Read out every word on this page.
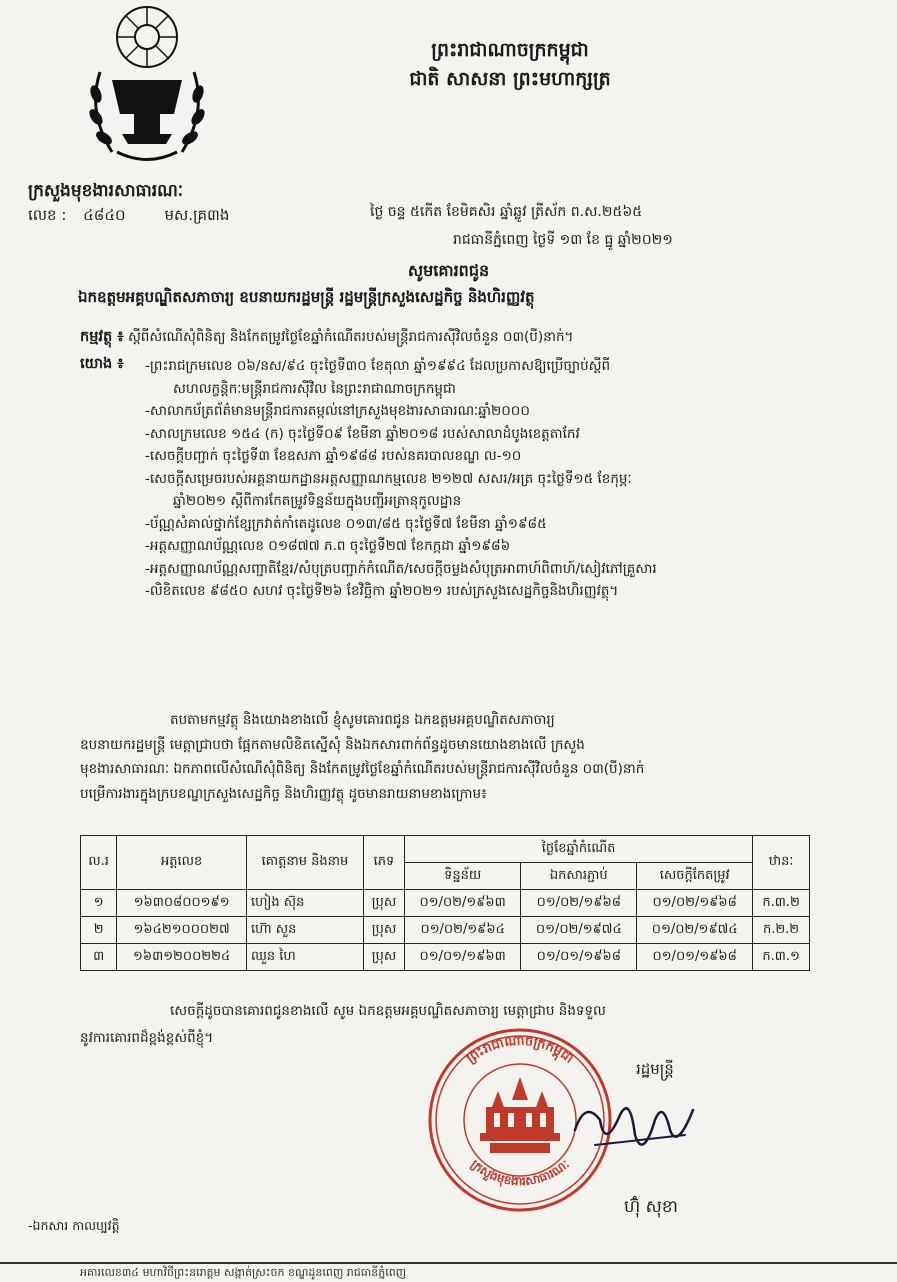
ព្រះរាជាណាចក្រកម្ពុជា
ជាតិ សាសនា ព្រះមហាក្សត្រ
ក្រសួងមុខងារសាធារណៈ
លេខ : ៤៨៤០	មស.គ្រ៣ង	ថ្ងៃ ចន្ទ ៥កើត ខែមិគសិរ ឆ្នាំឆ្លូវ ត្រីស័ក ព.ស.២៥៦៥
រាជធានីភ្នំពេញ ថ្ងៃទី ១៣ ខែ ធ្នូ ឆ្នាំ២០២១
សូមគោរពជូន
ឯកឧត្តមអគ្គបណ្ឌិតសភាចារ្យ ឧបនាយករដ្ឋមន្ត្រី រដ្ឋមន្ត្រីក្រសួងសេដ្ឋកិច្ច និងហិរញ្ញវត្ថុ
កម្មវត្ថុ ៖ ស្តីពីសំណើសុំពិនិត្យ និងកែតម្រូវថ្ងៃខែឆ្នាំកំណើតរបស់មន្ត្រីរាជការស៊ីវិលចំនួន ០៣(បី)នាក់។
យោង ៖ -ព្រះរាជក្រមលេខ ០៦/នស/៩៤ ចុះថ្ងៃទី៣០ ខែតុលា ឆ្នាំ១៩៩៤ ដែលប្រកាសឱ្យប្រើច្បាប់ស្តីពី
សហលក្ខន្តិកៈមន្ត្រីរាជការស៊ីវិល នៃព្រះរាជាណាចក្រកម្ពុជា
-សាលាកប័ត្រព័ត៌មានមន្ត្រីរាជការតម្កល់នៅក្រសួងមុខងារសាធារណៈឆ្នាំ២០០០
-សាលក្រមលេខ ១៥៤ (ក) ចុះថ្ងៃទី០៩ ខែមីនា ឆ្នាំ២០១៨ របស់សាលាដំបូងខេត្តតាកែវ
-សេចក្តីបញ្ជាក់ ចុះថ្ងៃទី៣ ខែឧសភា ឆ្នាំ១៩៨៨ របស់នគរបាលខណ្ឌ ល-១០
-សេចក្តីសម្រេចរបស់អគ្គនាយកដ្ឋានអត្តសញ្ញាណកម្មលេខ ២១២៧ សសរ/អត្រ ចុះថ្ងៃទី១៥ ខែកុម្ភៈ
ឆ្នាំ២០២១ ស្តីពីការកែតម្រូវទិន្នន័យក្នុងបញ្ជីអត្រានុកូលដ្ឋាន
-ប័ណ្ណសំគាល់ថ្នាក់ខ្សែក្រវាត់កាំតេដូលេខ ០១៣/៨៥ ចុះថ្ងៃទី៧ ខែមីនា ឆ្នាំ១៩៨៥
-អត្តសញ្ញាណប័ណ្ណលេខ ០១៨៧៧ ភ.ព ចុះថ្ងៃទី២៧ ខែកក្កដា ឆ្នាំ១៩៨៦
-អត្តសញ្ញាណប័ណ្ណសញ្ជាតិខ្មែរ/សំបុត្របញ្ជាក់កំណើត/សេចក្តីចម្លងសំបុត្រអាពាហ៍ពិពាហ៍/សៀវភៅគ្រួសារ
-លិខិតលេខ ៩៨៥០ សហវ ចុះថ្ងៃទី២៦ ខែវិច្ឆិកា ឆ្នាំ២០២១ របស់ក្រសួងសេដ្ឋកិច្ចនិងហិរញ្ញវត្ថុ។
តបតាមកម្មវត្ថុ និងយោងខាងលើ ខ្ញុំសូមគោរពជូន ឯកឧត្តមអគ្គបណ្ឌិតសភាចារ្យ
ឧបនាយករដ្ឋមន្ត្រី មេត្តាជ្រាបថា ផ្អែកតាមលិខិតស្នើសុំ និងឯកសារពាក់ព័ន្ធដូចមានយោងខាងលើ ក្រសួង
មុខងារសាធារណៈ ឯកភាពលើសំណើសុំពិនិត្យ និងកែតម្រូវថ្ងៃខែឆ្នាំកំណើតរបស់មន្ត្រីរាជការស៊ីវិលចំនួន ០៣(បី)នាក់
បម្រើការងារក្នុងក្របខណ្ឌក្រសួងសេដ្ឋកិច្ច និងហិរញ្ញវត្ថុ ដូចមានរាយនាមខាងក្រោម៖
ល.រ	អត្តលេខ	គោត្តនាម និងនាម	ភេទ	ថ្ងៃខែឆ្នាំកំណើត			ឋានៈ
				ទិន្នន័យ	ឯកសារភ្ជាប់	សេចក្តីកែតម្រូវ	
១	១៦៣០៨០០១៩១	ហៀង ស៊ុន	ប្រុស	០១/០២/១៩៦៣	០១/០២/១៩៦៨	០១/០២/១៩៦៨	ក.៣.២
២	១៦៤២១០០០២៧	ហ៊ោ សួន	ប្រុស	០១/០២/១៩៦៤	០១/០២/១៩៧៤	០១/០២/១៩៧៤	ក.២.២
៣	១៦៣១២០០២២៤	ឈួន ហៃ	ប្រុស	០១/០១/១៩៦៣	០១/០១/១៩៦៨	០១/០១/១៩៦៨	ក.៣.១
សេចក្តីដូចបានគោរពជូនខាងលើ សូម ឯកឧត្តមអគ្គបណ្ឌិតសភាចារ្យ មេត្តាជ្រាប និងទទួល
នូវការគោរពដ៏ខ្ពង់ខ្ពស់ពីខ្ញុំ។
ព្រះរាជាណាចក្រកម្ពុជា
ក្រសួងមុខងារសាធារណៈ
រដ្ឋមន្ត្រី
ហ៊ុំ សុខា
-ឯកសារ កាលប្បវត្តិ
អគារលេខ៣៤ មហាវិថីព្រះនរោត្តម សង្កាត់ស្រះចក ខណ្ឌដូនពេញ រាជធានីភ្នំពេញ
